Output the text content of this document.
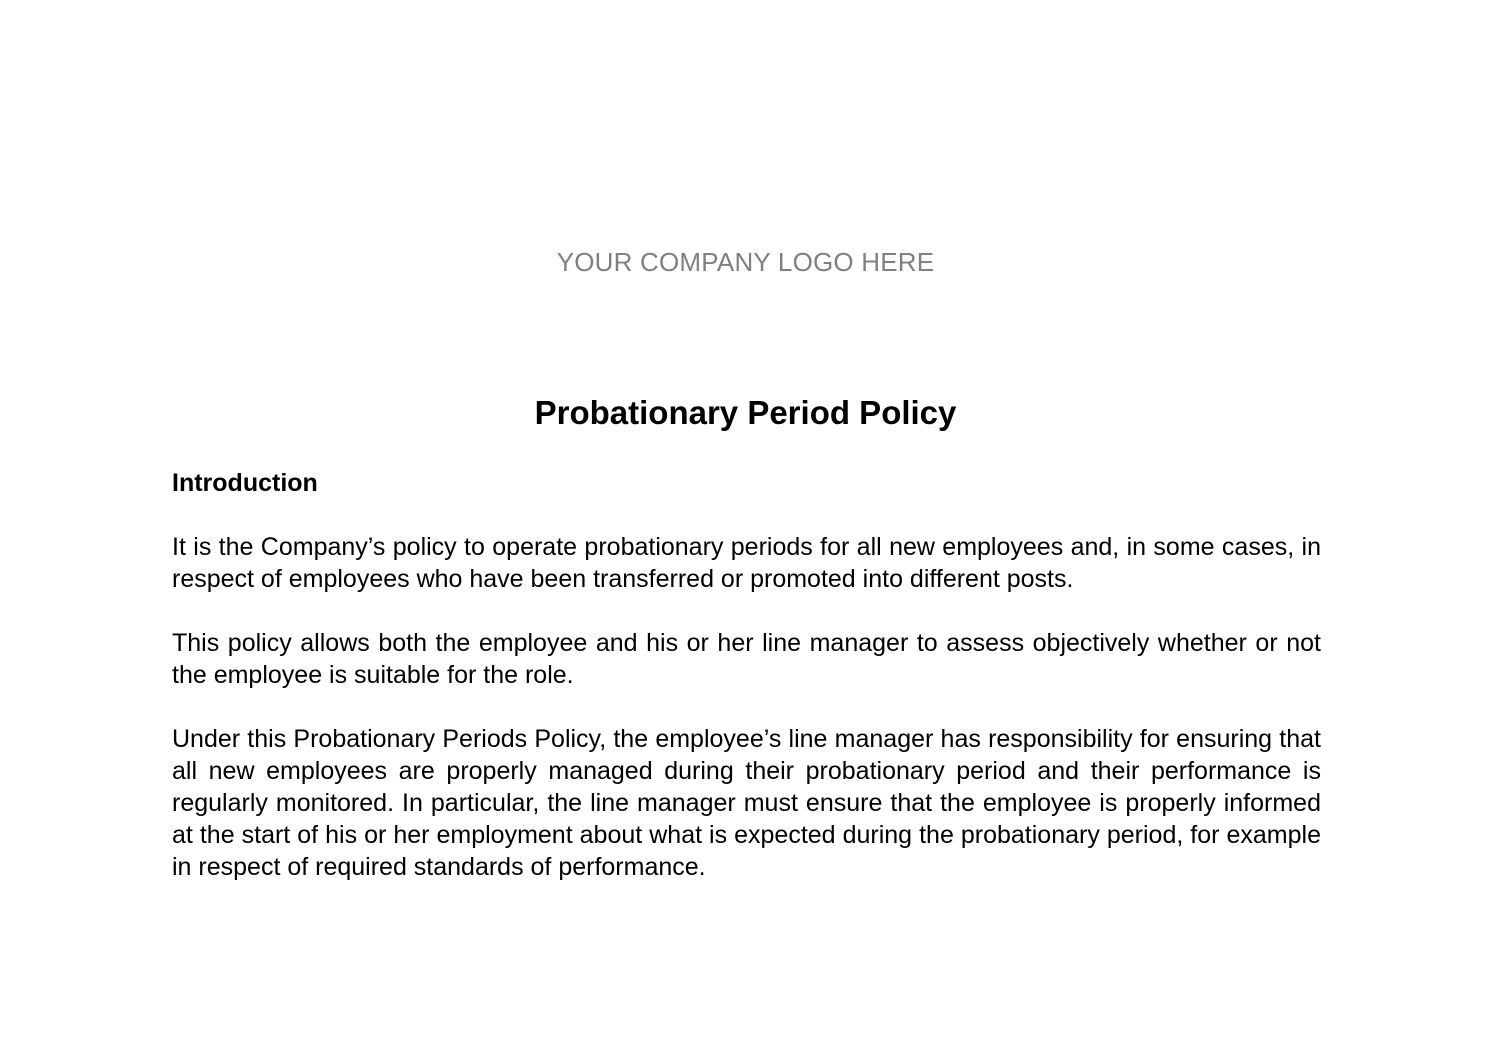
YOUR COMPANY LOGO HERE
Probationary Period Policy
Introduction

It is the Company’s policy to operate probationary periods for all new employees and, in some cases, in respect of employees who have been transferred or promoted into different posts.

This policy allows both the employee and his or her line manager to assess objectively whether or not the employee is suitable for the role.

Under this Probationary Periods Policy, the employee’s line manager has responsibility for ensuring that all new employees are properly managed during their probationary period and their performance is regularly monitored. In particular, the line manager must ensure that the employee is properly informed at the start of his or her employment about what is expected during the probationary period, for example in respect of required standards of performance.
